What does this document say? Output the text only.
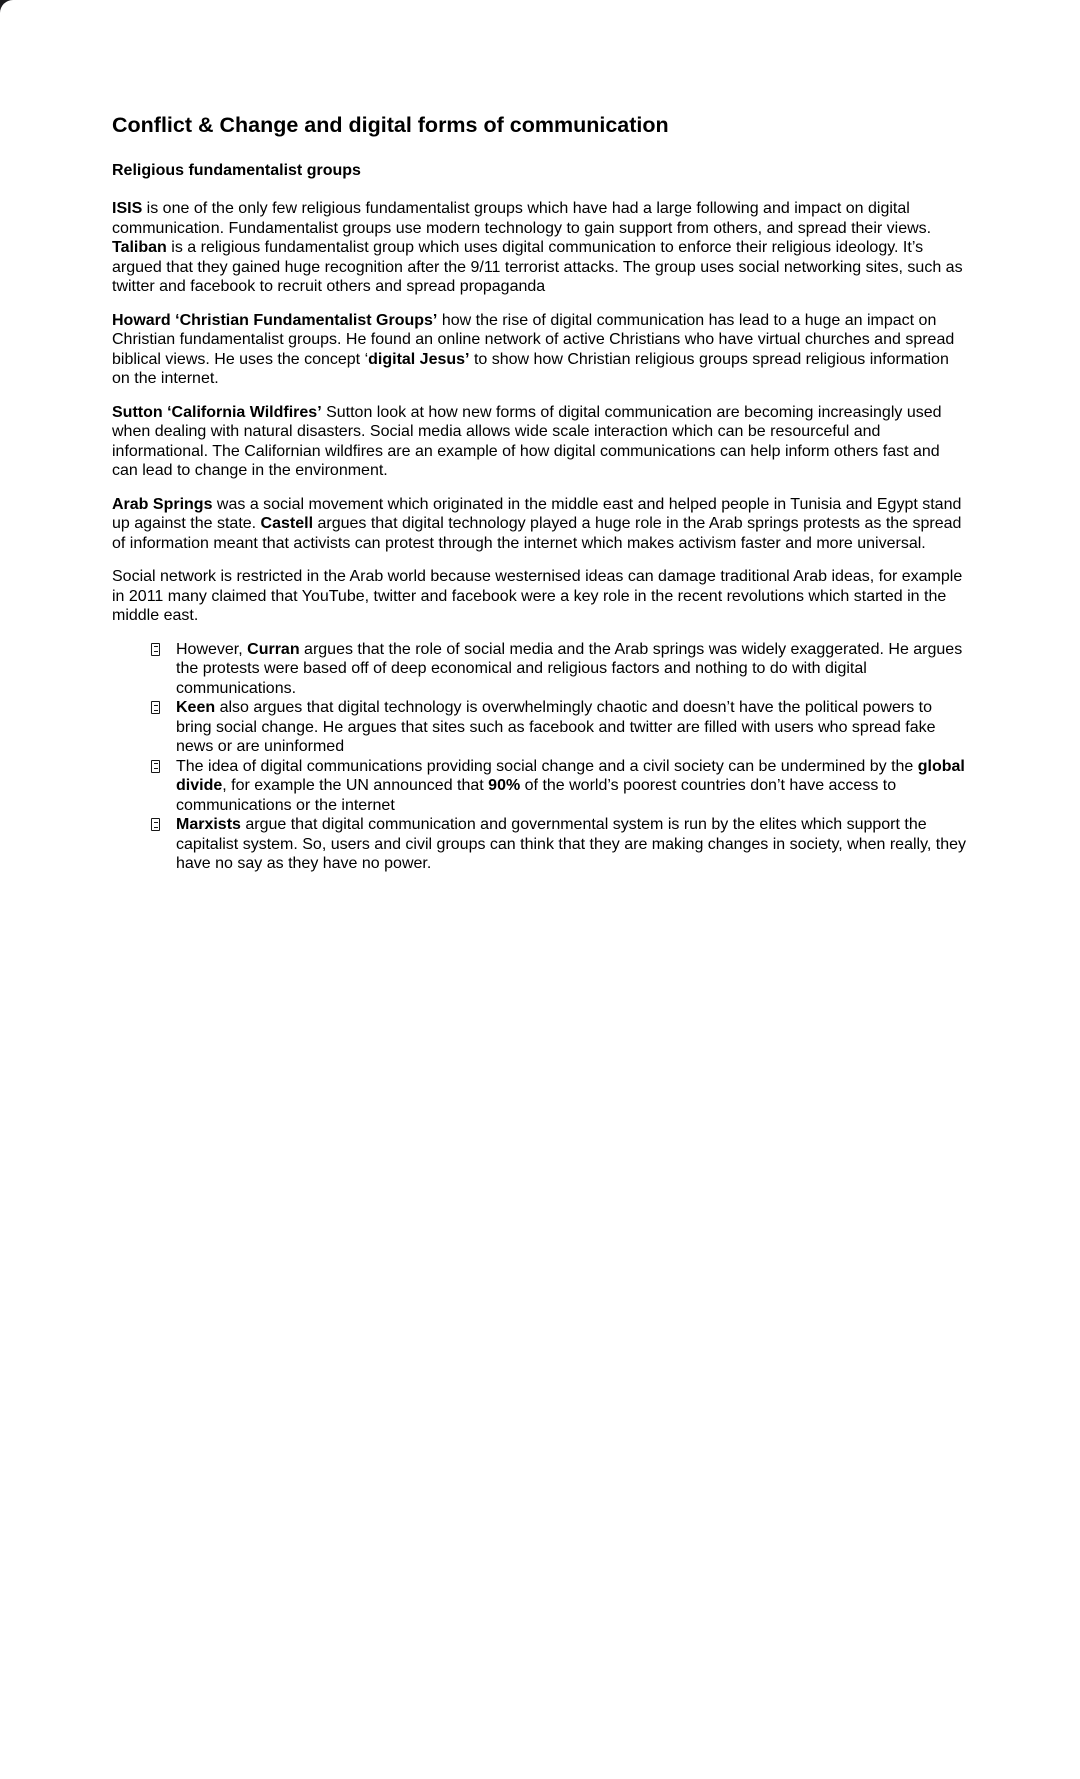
Conflict & Change and digital forms of communication
Religious fundamentalist groups

ISIS is one of the only few religious fundamentalist groups which have had a large following and impact on digital communication. Fundamentalist groups use modern technology to gain support from others, and spread their views. Taliban is a religious fundamentalist group which uses digital communication to enforce their religious ideology. It’s argued that they gained huge recognition after the 9/11 terrorist attacks. The group uses social networking sites, such as twitter and facebook to recruit others and spread propaganda

Howard ‘Christian Fundamentalist Groups’ how the rise of digital communication has lead to a huge an impact on Christian fundamentalist groups. He found an online network of active Christians who have virtual churches and spread biblical views. He uses the concept ‘digital Jesus’ to show how Christian religious groups spread religious information on the internet.

Sutton ‘California Wildfires’ Sutton look at how new forms of digital communication are becoming increasingly used when dealing with natural disasters. Social media allows wide scale interaction which can be resourceful and informational. The Californian wildfires are an example of how digital communications can help inform others fast and can lead to change in the environment.

Arab Springs was a social movement which originated in the middle east and helped people in Tunisia and Egypt stand up against the state. Castell argues that digital technology played a huge role in the Arab springs protests as the spread of information meant that activists can protest through the internet which makes activism faster and more universal.

Social network is restricted in the Arab world because westernised ideas can damage traditional Arab ideas, for example in 2011 many claimed that YouTube, twitter and facebook were a key role in the recent revolutions which started in the middle east.

However, Curran argues that the role of social media and the Arab springs was widely exaggerated. He argues the protests were based off of deep economical and religious factors and nothing to do with digital communications.
Keen also argues that digital technology is overwhelmingly chaotic and doesn’t have the political powers to bring social change. He argues that sites such as facebook and twitter are filled with users who spread fake news or are uninformed
The idea of digital communications providing social change and a civil society can be undermined by the global divide, for example the UN announced that 90% of the world’s poorest countries don’t have access to communications or the internet
Marxists argue that digital communication and governmental system is run by the elites which support the capitalist system. So, users and civil groups can think that they are making changes in society, when really, they have no say as they have no power.
